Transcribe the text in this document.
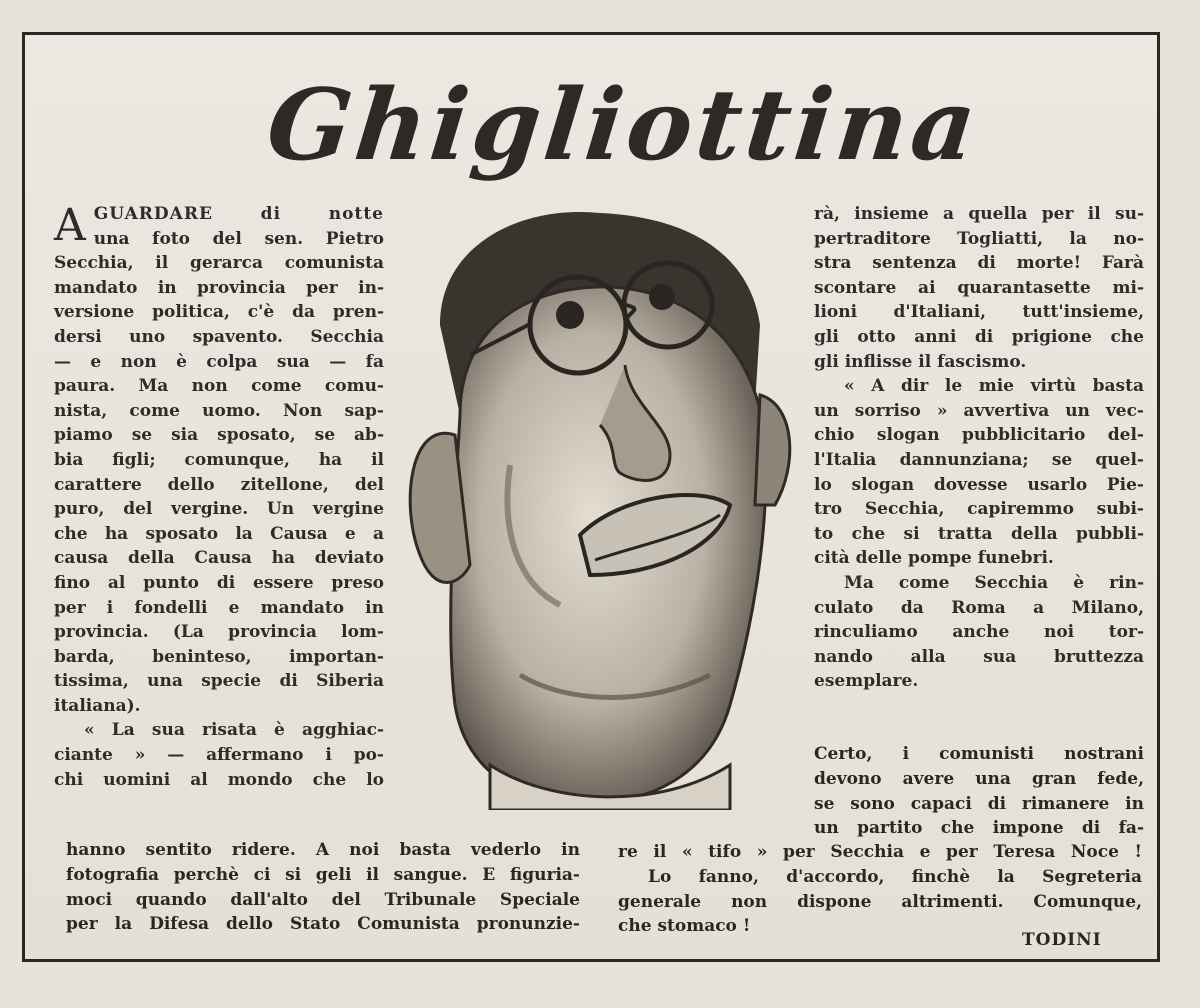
Ghigliottina
A GUARDARE di notte

una foto del sen. Pietro

Secchia, il gerarca comunista

mandato in provincia per in-

versione politica, c'è da pren-

dersi uno spavento. Secchia

— e non è colpa sua — fa

paura. Ma non come comu-

nista, come uomo. Non sap-

piamo se sia sposato, se ab-

bia figli; comunque, ha il

carattere dello zitellone, del

puro, del vergine. Un vergine

che ha sposato la Causa e a

causa della Causa ha deviato

fino al punto di essere preso

per i fondelli e mandato in

provincia. (La provincia lom-

barda, beninteso, importan-

tissima, una specie di Siberia

italiana).

« La sua risata è agghiac-

ciante » — affermano i po-

chi uomini al mondo che lo

hanno sentito ridere. A noi basta vederlo in

fotografia perchè ci si geli il sangue. E figuria-

moci quando dall'alto del Tribunale Speciale

per la Difesa dello Stato Comunista pronunzie-

rà, insieme a quella per il su-

pertraditore Togliatti, la no-

stra sentenza di morte! Farà

scontare ai quarantasette mi-

lioni d'Italiani, tutt'insieme,

gli otto anni di prigione che

gli inflisse il fascismo.

« A dir le mie virtù basta

un sorriso » avvertiva un vec-

chio slogan pubblicitario del-

l'Italia dannunziana; se quel-

lo slogan dovesse usarlo Pie-

tro Secchia, capiremmo subi-

to che si tratta della pubbli-

cità delle pompe funebri.

Ma come Secchia è rin-

culato da Roma a Milano,

rinculiamo anche noi tor-

nando alla sua bruttezza

esemplare.

Certo, i comunisti nostrani

devono avere una gran fede,

se sono capaci di rimanere in

un partito che impone di fa-

re il « tifo » per Secchia e per Teresa Noce !

Lo fanno, d'accordo, finchè la Segreteria

generale non dispone altrimenti. Comunque,

che stomaco !

TODINI
